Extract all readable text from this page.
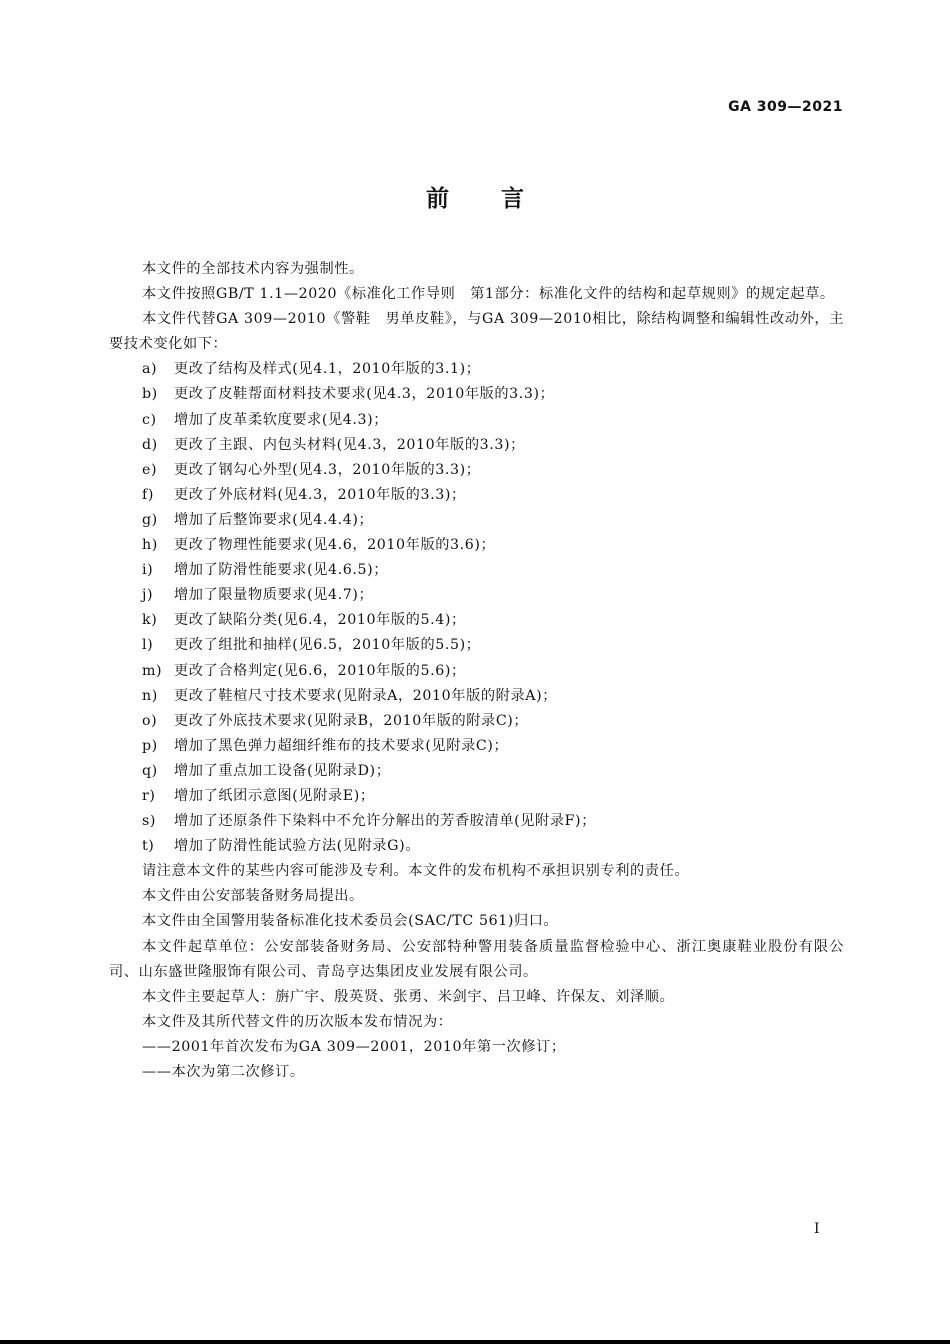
GA 309—2021
前言

本文件的全部技术内容为强制性。

本文件按照GB/T 1.1—2020《标准化工作导则　第1部分：标准化文件的结构和起草规则》的规定起草。

本文件代替GA 309—2010《警鞋　男单皮鞋》，与GA 309—2010相比，除结构调整和编辑性改动外，主要技术变化如下：

a) 更改了结构及样式(见4.1，2010年版的3.1)；

b) 更改了皮鞋帮面材料技术要求(见4.3，2010年版的3.3)；

c) 增加了皮革柔软度要求(见4.3)；

d) 更改了主跟、内包头材料(见4.3，2010年版的3.3)；

e) 更改了钢勾心外型(见4.3，2010年版的3.3)；

f) 更改了外底材料(见4.3，2010年版的3.3)；

g) 增加了后整饰要求(见4.4.4)；

h) 更改了物理性能要求(见4.6，2010年版的3.6)；

i) 增加了防滑性能要求(见4.6.5)；

j) 增加了限量物质要求(见4.7)；

k) 更改了缺陷分类(见6.4，2010年版的5.4)；

l) 更改了组批和抽样(见6.5，2010年版的5.5)；

m) 更改了合格判定(见6.6，2010年版的5.6)；

n) 更改了鞋楦尺寸技术要求(见附录A，2010年版的附录A)；

o) 更改了外底技术要求(见附录B，2010年版的附录C)；

p) 增加了黑色弹力超细纤维布的技术要求(见附录C)；

q) 增加了重点加工设备(见附录D)；

r) 增加了纸团示意图(见附录E)；

s) 增加了还原条件下染料中不允许分解出的芳香胺清单(见附录F)；

t) 增加了防滑性能试验方法(见附录G)。

请注意本文件的某些内容可能涉及专利。本文件的发布机构不承担识别专利的责任。

本文件由公安部装备财务局提出。

本文件由全国警用装备标准化技术委员会(SAC/TC 561)归口。

本文件起草单位：公安部装备财务局、公安部特种警用装备质量监督检验中心、浙江奥康鞋业股份有限公司、山东盛世隆服饰有限公司、青岛亨达集团皮业发展有限公司。

本文件主要起草人：旃广宇、殷英贤、张勇、米剑宇、吕卫峰、许保友、刘泽顺。

本文件及其所代替文件的历次版本发布情况为：

——2001年首次发布为GA 309—2001，2010年第一次修订；

——本次为第二次修订。

I
